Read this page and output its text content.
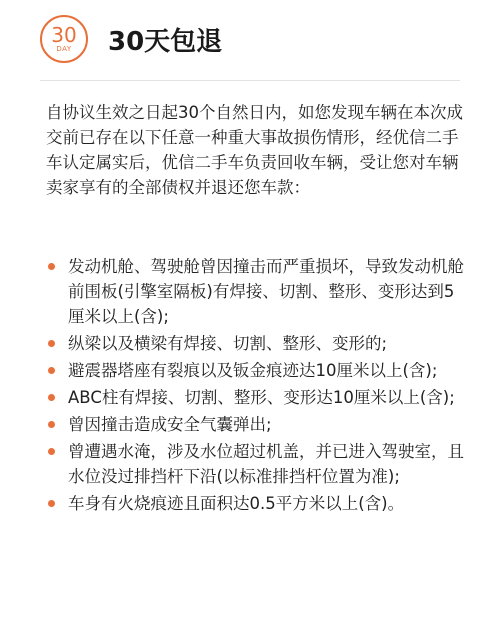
30
DAY 30天包退

自协议生效之日起30个自然日内，如您发现车辆在本次成交前已存在以下任意一种重大事故损伤情形，经优信二手车认定属实后，优信二手车负责回收车辆，受让您对车辆卖家享有的全部债权并退还您车款：

发动机舱、驾驶舱曾因撞击而严重损坏，导致发动机舱前围板(引擎室隔板)有焊接、切割、整形、变形达到5厘米以上(含);
纵梁以及横梁有焊接、切割、整形、变形的;
避震器塔座有裂痕以及钣金痕迹达10厘米以上(含);
ABC柱有焊接、切割、整形、变形达10厘米以上(含);
曾因撞击造成安全气囊弹出;
曾遭遇水淹，涉及水位超过机盖，并已进入驾驶室，且水位没过排挡杆下沿(以标准排挡杆位置为准);
车身有火烧痕迹且面积达0.5平方米以上(含)。
